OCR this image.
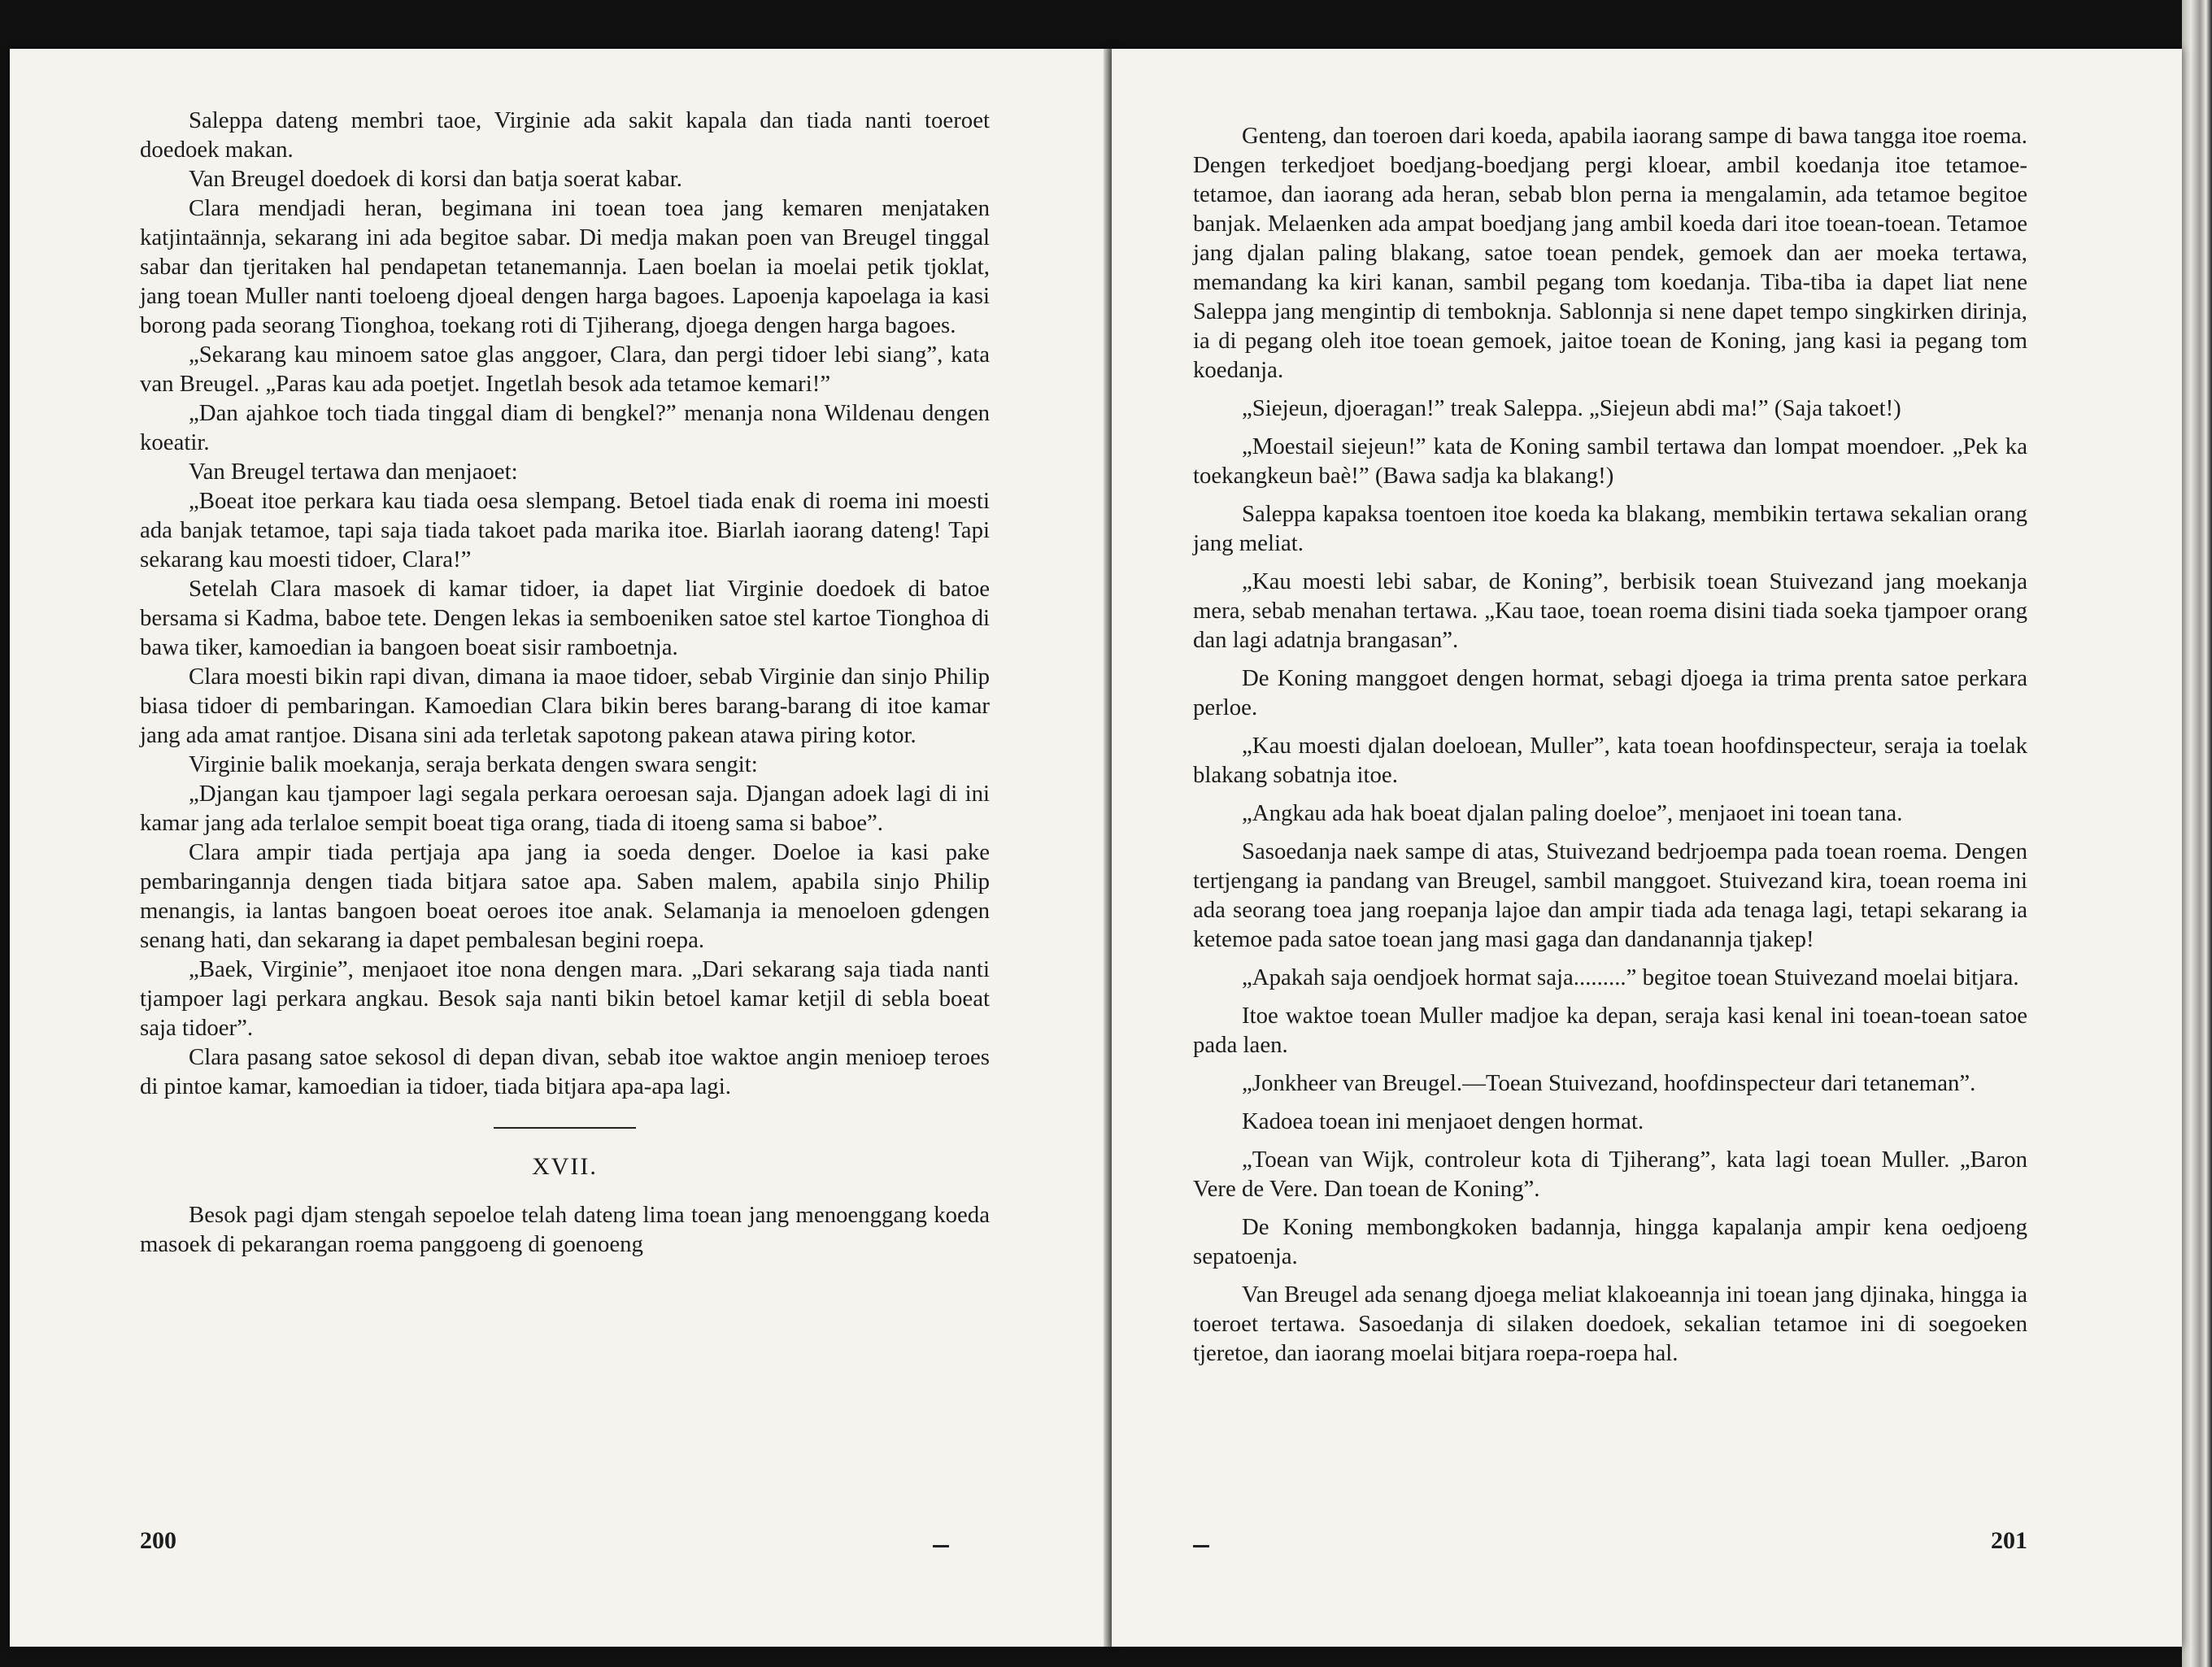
Saleppa dateng membri taoe, Virginie ada sakit kapala dan tiada nanti toeroet doedoek makan.

Van Breugel doedoek di korsi dan batja soerat kabar.

Clara mendjadi heran, begimana ini toean toea jang kemaren menjataken katjintaännja, sekarang ini ada begitoe sabar. Di medja makan poen van Breugel tinggal sabar dan tjeritaken hal pendapetan tetanemannja. Laen boelan ia moelai petik tjoklat, jang toean Muller nanti toeloeng djoeal dengen harga bagoes. Lapoenja kapoelaga ia kasi borong pada seorang Tionghoa, toekang roti di Tjiherang, djoega dengen harga bagoes.

„Sekarang kau minoem satoe glas anggoer, Clara, dan pergi tidoer lebi siang”, kata van Breugel. „Paras kau ada poetjet. Ingetlah besok ada tetamoe kemari!”

„Dan ajahkoe toch tiada tinggal diam di bengkel?” menanja nona Wildenau dengen koeatir.

Van Breugel tertawa dan menjaoet:

„Boeat itoe perkara kau tiada oesa slempang. Betoel tiada enak di roema ini moesti ada banjak tetamoe, tapi saja tiada takoet pada marika itoe. Biarlah iaorang dateng! Tapi sekarang kau moesti tidoer, Clara!”

Setelah Clara masoek di kamar tidoer, ia dapet liat Virginie doedoek di batoe bersama si Kadma, baboe tete. Dengen lekas ia semboeniken satoe stel kartoe Tionghoa di bawa tiker, kamoedian ia bangoen boeat sisir ramboetnja.

Clara moesti bikin rapi divan, dimana ia maoe tidoer, sebab Virginie dan sinjo Philip biasa tidoer di pembaringan. Kamoedian Clara bikin beres barang-barang di itoe kamar jang ada amat rantjoe. Disana sini ada terletak sapotong pakean atawa piring kotor.

Virginie balik moekanja, seraja berkata dengen swara sengit:

„Djangan kau tjampoer lagi segala perkara oeroesan saja. Djangan adoek lagi di ini kamar jang ada terlaloe sempit boeat tiga orang, tiada di itoeng sama si baboe”.

Clara ampir tiada pertjaja apa jang ia soeda denger. Doeloe ia kasi pake pembaringannja dengen tiada bitjara satoe apa. Saben malem, apabila sinjo Philip menangis, ia lantas bangoen boeat oeroes itoe anak. Selamanja ia menoeloen gdengen senang hati, dan sekarang ia dapet pembalesan begini roepa.

„Baek, Virginie”, menjaoet itoe nona dengen mara. „Dari sekarang saja tiada nanti tjampoer lagi perkara angkau. Besok saja nanti bikin betoel kamar ketjil di sebla boeat saja tidoer”.

Clara pasang satoe sekosol di depan divan, sebab itoe waktoe angin menioep teroes di pintoe kamar, kamoedian ia tidoer, tiada bitjara apa-apa lagi.

XVII.

Besok pagi djam stengah sepoeloe telah dateng lima toean jang menoenggang koeda masoek di pekarangan roema panggoeng di goenoeng

200

Genteng, dan toeroen dari koeda, apabila iaorang sampe di bawa tangga itoe roema. Dengen terkedjoet boedjang-boedjang pergi kloear, ambil koedanja itoe tetamoe-tetamoe, dan iaorang ada heran, sebab blon perna ia mengalamin, ada tetamoe begitoe banjak. Melaenken ada ampat boedjang jang ambil koeda dari itoe toean-toean. Tetamoe jang djalan paling blakang, satoe toean pendek, gemoek dan aer moeka tertawa, memandang ka kiri kanan, sambil pegang tom koedanja. Tiba-tiba ia dapet liat nene Saleppa jang mengintip di temboknja. Sablonnja si nene dapet tempo singkirken dirinja, ia di pegang oleh itoe toean gemoek, jaitoe toean de Koning, jang kasi ia pegang tom koedanja.

„Siejeun, djoeragan!” treak Saleppa. „Siejeun abdi ma!” (Saja takoet!)

„Moestail siejeun!” kata de Koning sambil tertawa dan lompat moendoer. „Pek ka toekangkeun baè!” (Bawa sadja ka blakang!)

Saleppa kapaksa toentoen itoe koeda ka blakang, membikin tertawa sekalian orang jang meliat.

„Kau moesti lebi sabar, de Koning”, berbisik toean Stuivezand jang moekanja mera, sebab menahan tertawa. „Kau taoe, toean roema disini tiada soeka tjampoer orang dan lagi adatnja brangasan”.

De Koning manggoet dengen hormat, sebagi djoega ia trima prenta satoe perkara perloe.

„Kau moesti djalan doeloean, Muller”, kata toean hoofdinspecteur, seraja ia toelak blakang sobatnja itoe.

„Angkau ada hak boeat djalan paling doeloe”, menjaoet ini toean tana.

Sasoedanja naek sampe di atas, Stuivezand bedrjoempa pada toean roema. Dengen tertjengang ia pandang van Breugel, sambil manggoet. Stuivezand kira, toean roema ini ada seorang toea jang roepanja lajoe dan ampir tiada ada tenaga lagi, tetapi sekarang ia ketemoe pada satoe toean jang masi gaga dan dandanannja tjakep!

„Apakah saja oendjoek hormat saja.........” begitoe toean Stuivezand moelai bitjara.

Itoe waktoe toean Muller madjoe ka depan, seraja kasi kenal ini toean-toean satoe pada laen.

„Jonkheer van Breugel.—Toean Stuivezand, hoofdinspecteur dari tetaneman”.

Kadoea toean ini menjaoet dengen hormat.

„Toean van Wijk, controleur kota di Tjiherang”, kata lagi toean Muller. „Baron Vere de Vere. Dan toean de Koning”.

De Koning membongkoken badannja, hingga kapalanja ampir kena oedjoeng sepatoenja.

Van Breugel ada senang djoega meliat klakoeannja ini toean jang djinaka, hingga ia toeroet tertawa. Sasoedanja di silaken doedoek, sekalian tetamoe ini di soegoeken tjeretoe, dan iaorang moelai bitjara roepa-roepa hal.

201
